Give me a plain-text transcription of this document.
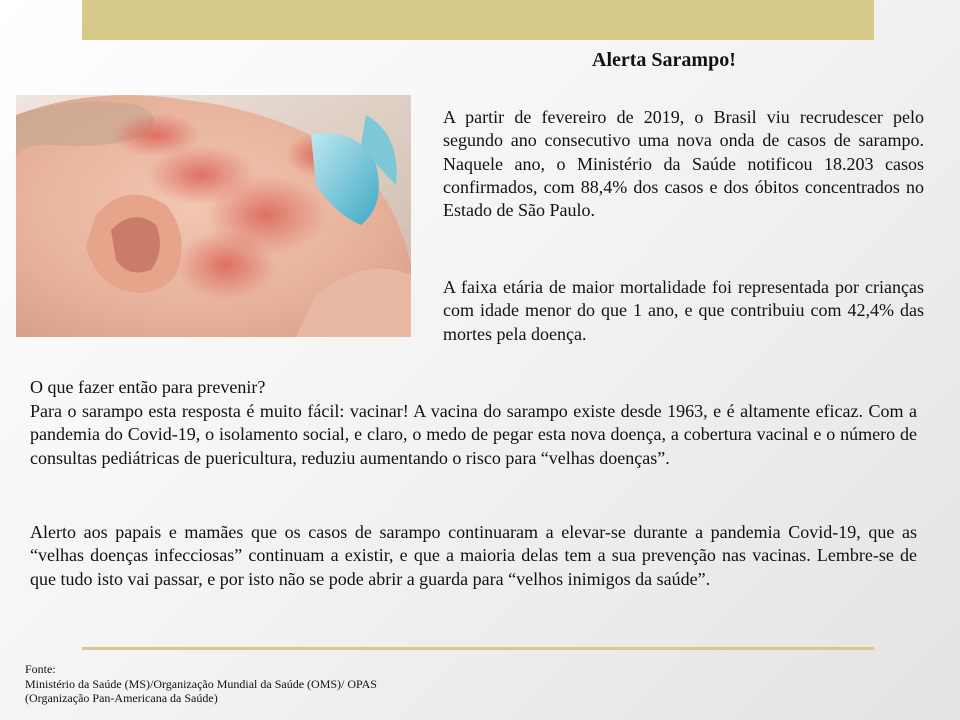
Alerta Sarampo!

A partir de fevereiro de 2019, o Brasil viu recrudescer pelo segundo ano consecutivo uma nova onda de casos de sarampo. Naquele ano, o Ministério da Saúde notificou 18.203 casos confirmados, com 88,4% dos casos e dos óbitos concentrados no Estado de São Paulo.

A faixa etária de maior mortalidade foi representada por crianças com idade menor do que 1 ano, e que contribuiu com 42,4% das mortes pela doença.

O que fazer então para prevenir?

Para o sarampo esta resposta é muito fácil: vacinar! A vacina do sarampo existe desde 1963, e é altamente eficaz. Com a pandemia do Covid-19, o isolamento social, e claro, o medo de pegar esta nova doença, a cobertura vacinal e o número de consultas pediátricas de puericultura, reduziu aumentando o risco para “velhas doenças”.

Alerto aos papais e mamães que os casos de sarampo continuaram a elevar-se durante a pandemia Covid-19, que as “velhas doenças infecciosas” continuam a existir, e que a maioria delas tem a sua prevenção nas vacinas. Lembre-se de que tudo isto vai passar, e por isto não se pode abrir a guarda para “velhos inimigos da saúde”.

Fonte:
Ministério da Saúde (MS)/Organização Mundial da Saúde (OMS)/ OPAS
(Organização Pan-Americana da Saúde)
